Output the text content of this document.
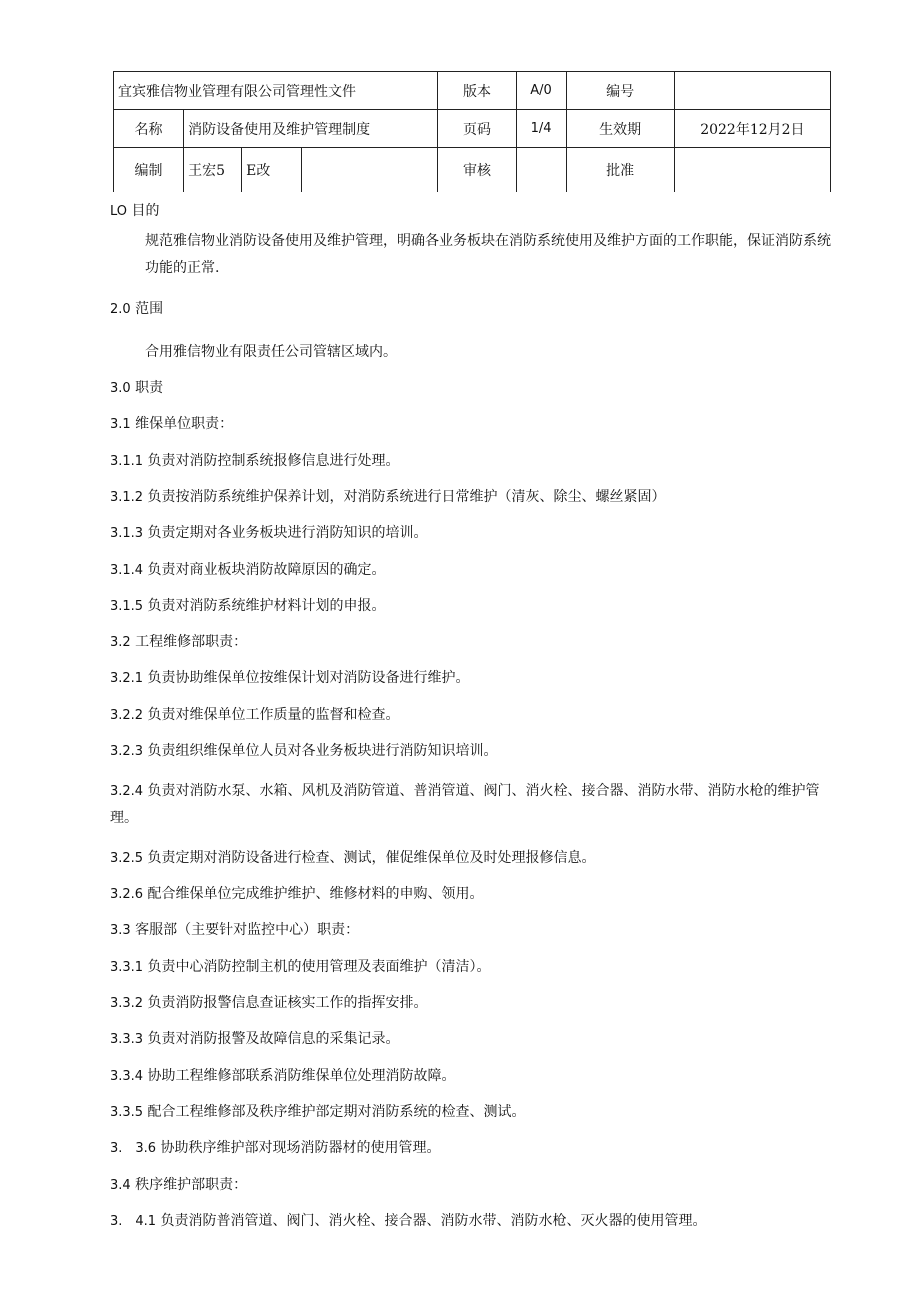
宜宾雅信物业管理有限公司管理性文件				版本	A/0	编号	
名称	消防设备使用及维护管理制度			页码	1/4	生效期	2022年12月2日
编制	王宏5	E改		审核		批准	
LO 目的
规范雅信物业消防设备使用及维护管理，明确各业务板块在消防系统使用及维护方面的工作职能，保证消防系统功能的正常.
2.0 范围
合用雅信物业有限责任公司管辖区域内。
3.0 职责
3.1 维保单位职责：
3.1.1 负责对消防控制系统报修信息进行处理。
3.1.2 负责按消防系统维护保养计划，对消防系统进行日常维护（清灰、除尘、螺丝紧固）
3.1.3 负责定期对各业务板块进行消防知识的培训。
3.1.4 负责对商业板块消防故障原因的确定。
3.1.5 负责对消防系统维护材料计划的申报。
3.2 工程维修部职责：
3.2.1 负责协助维保单位按维保计划对消防设备进行维护。
3.2.2 负责对维保单位工作质量的监督和检查。
3.2.3 负责组织维保单位人员对各业务板块进行消防知识培训。
3.2.4 负责对消防水泵、水箱、风机及消防管道、普消管道、阀门、消火栓、接合器、消防水带、消防水枪的维护管理。
3.2.5 负责定期对消防设备进行检查、测试，催促维保单位及时处理报修信息。
3.2.6 配合维保单位完成维护维护、维修材料的申购、领用。
3.3 客服部（主要针对监控中心）职责：
3.3.1 负责中心消防控制主机的使用管理及表面维护（清洁）。
3.3.2 负责消防报警信息查证核实工作的指挥安排。
3.3.3 负责对消防报警及故障信息的采集记录。
3.3.4 协助工程维修部联系消防维保单位处理消防故障。
3.3.5 配合工程维修部及秩序维护部定期对消防系统的检查、测试。
3.　3.6 协助秩序维护部对现场消防器材的使用管理。
3.4 秩序维护部职责：
3.　4.1 负责消防普消管道、阀门、消火栓、接合器、消防水带、消防水枪、灭火器的使用管理。
